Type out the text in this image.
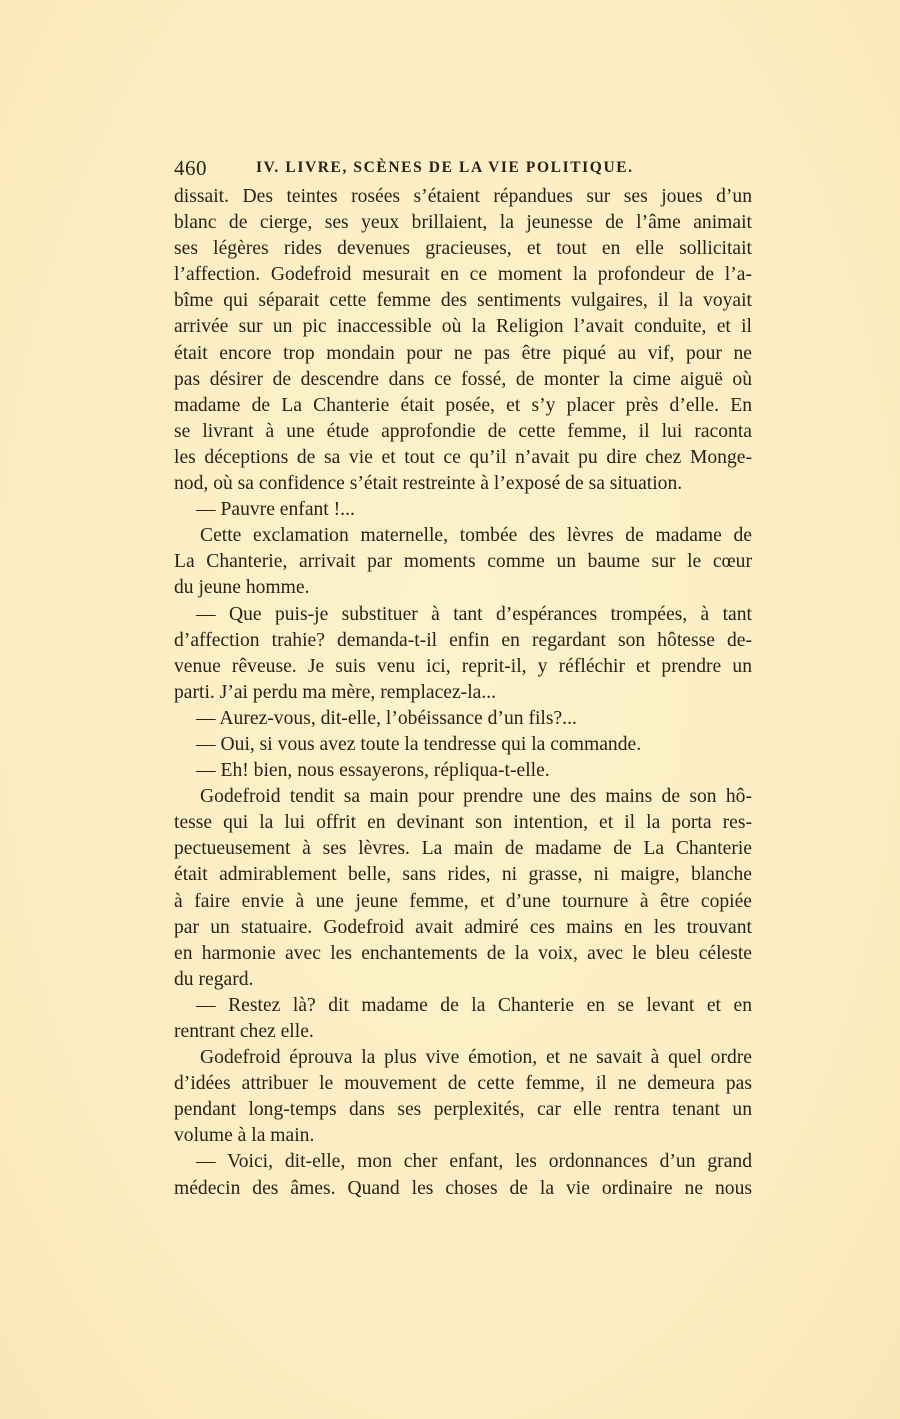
460	IV. LIVRE, SCÈNES DE LA VIE POLITIQUE.
dissait. Des teintes rosées s’étaient répandues sur ses joues d’un
blanc de cierge, ses yeux brillaient, la jeunesse de l’âme animait
ses légères rides devenues gracieuses, et tout en elle sollicitait
l’affection. Godefroid mesurait en ce moment la profondeur de l’a-
bîme qui séparait cette femme des sentiments vulgaires, il la voyait
arrivée sur un pic inaccessible où la Religion l’avait conduite, et il
était encore trop mondain pour ne pas être piqué au vif, pour ne
pas désirer de descendre dans ce fossé, de monter la cime aiguë où
madame de La Chanterie était posée, et s’y placer près d’elle. En
se livrant à une étude approfondie de cette femme, il lui raconta
les déceptions de sa vie et tout ce qu’il n’avait pu dire chez Monge-
nod, où sa confidence s’était restreinte à l’exposé de sa situation.
— Pauvre enfant !...
Cette exclamation maternelle, tombée des lèvres de madame de
La Chanterie, arrivait par moments comme un baume sur le cœur
du jeune homme.
— Que puis-je substituer à tant d’espérances trompées, à tant
d’affection trahie? demanda-t-il enfin en regardant son hôtesse de-
venue rêveuse. Je suis venu ici, reprit-il, y réfléchir et prendre un
parti. J’ai perdu ma mère, remplacez-la...
— Aurez-vous, dit-elle, l’obéissance d’un fils?...
— Oui, si vous avez toute la tendresse qui la commande.
— Eh! bien, nous essayerons, répliqua-t-elle.
Godefroid tendit sa main pour prendre une des mains de son hô-
tesse qui la lui offrit en devinant son intention, et il la porta res-
pectueusement à ses lèvres. La main de madame de La Chanterie
était admirablement belle, sans rides, ni grasse, ni maigre, blanche
à faire envie à une jeune femme, et d’une tournure à être copiée
par un statuaire. Godefroid avait admiré ces mains en les trouvant
en harmonie avec les enchantements de la voix, avec le bleu céleste
du regard.
— Restez là? dit madame de la Chanterie en se levant et en
rentrant chez elle.
Godefroid éprouva la plus vive émotion, et ne savait à quel ordre
d’idées attribuer le mouvement de cette femme, il ne demeura pas
pendant long-temps dans ses perplexités, car elle rentra tenant un
volume à la main.
— Voici, dit-elle, mon cher enfant, les ordonnances d’un grand
médecin des âmes. Quand les choses de la vie ordinaire ne nous
